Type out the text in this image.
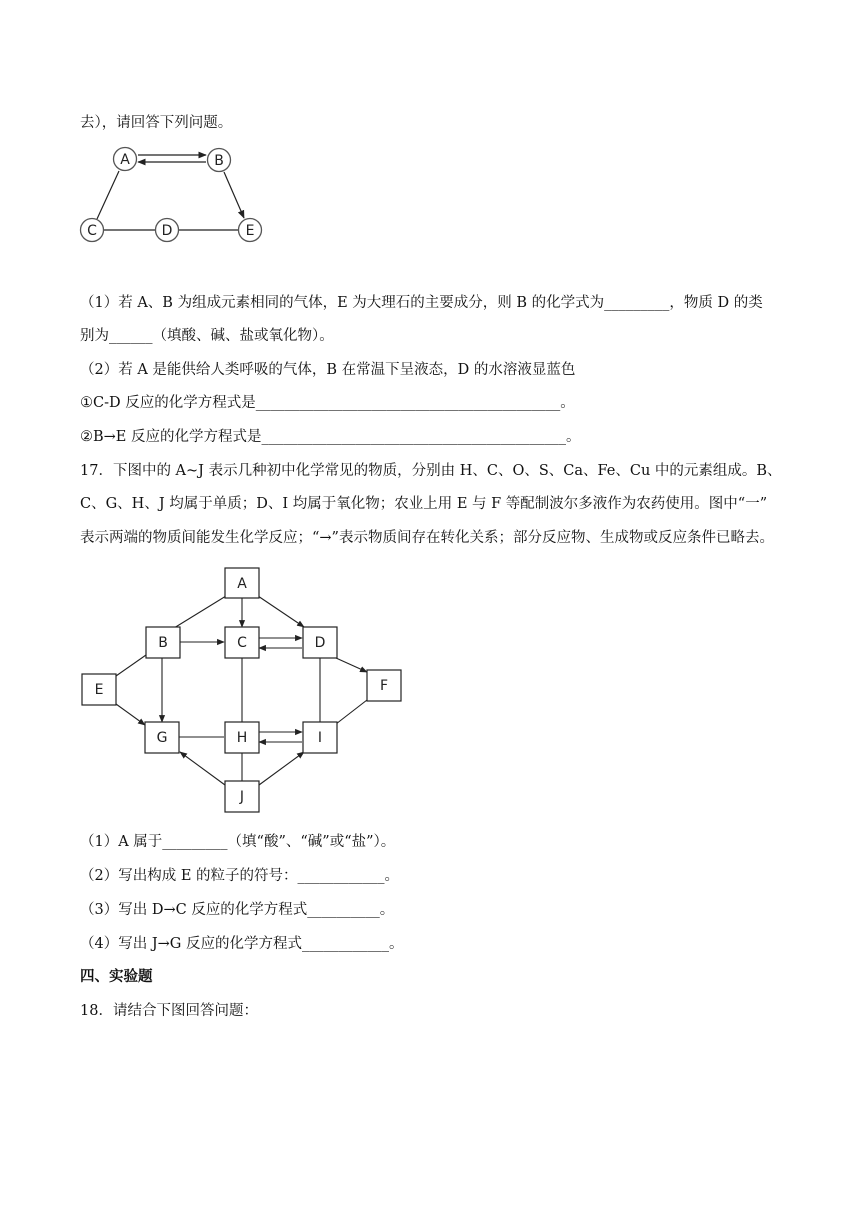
去），请回答下列问题。
A	B
C	D	E
（1）若 A、B 为组成元素相同的气体，E 为大理石的主要成分，则 B 的化学式为_________，物质 D 的类
别为______（填酸、碱、盐或氧化物）。
（2）若 A 是能供给人类呼吸的气体，B 在常温下呈液态，D 的水溶液显蓝色
①C-D 反应的化学方程式是__________________________________________。
②B→E 反应的化学方程式是__________________________________________。
17．下图中的 A~J 表示几种初中化学常见的物质，分别由 H、C、O、S、Ca、Fe、Cu 中的元素组成。B、
C、G、H、J 均属于单质；D、I 均属于氧化物；农业上用 E 与 F 等配制波尔多液作为农药使用。图中“一”
表示两端的物质间能发生化学反应；“→”表示物质间存在转化关系；部分反应物、生成物或反应条件已略去。
A
B	C	D
E	F
G	H	I
J
（1）A 属于_________（填“酸”、“碱”或“盐”）。
（2）写出构成 E 的粒子的符号：____________。
（3）写出 D→C 反应的化学方程式__________。
（4）写出 J→G 反应的化学方程式____________。
四、实验题
18．请结合下图回答问题：
